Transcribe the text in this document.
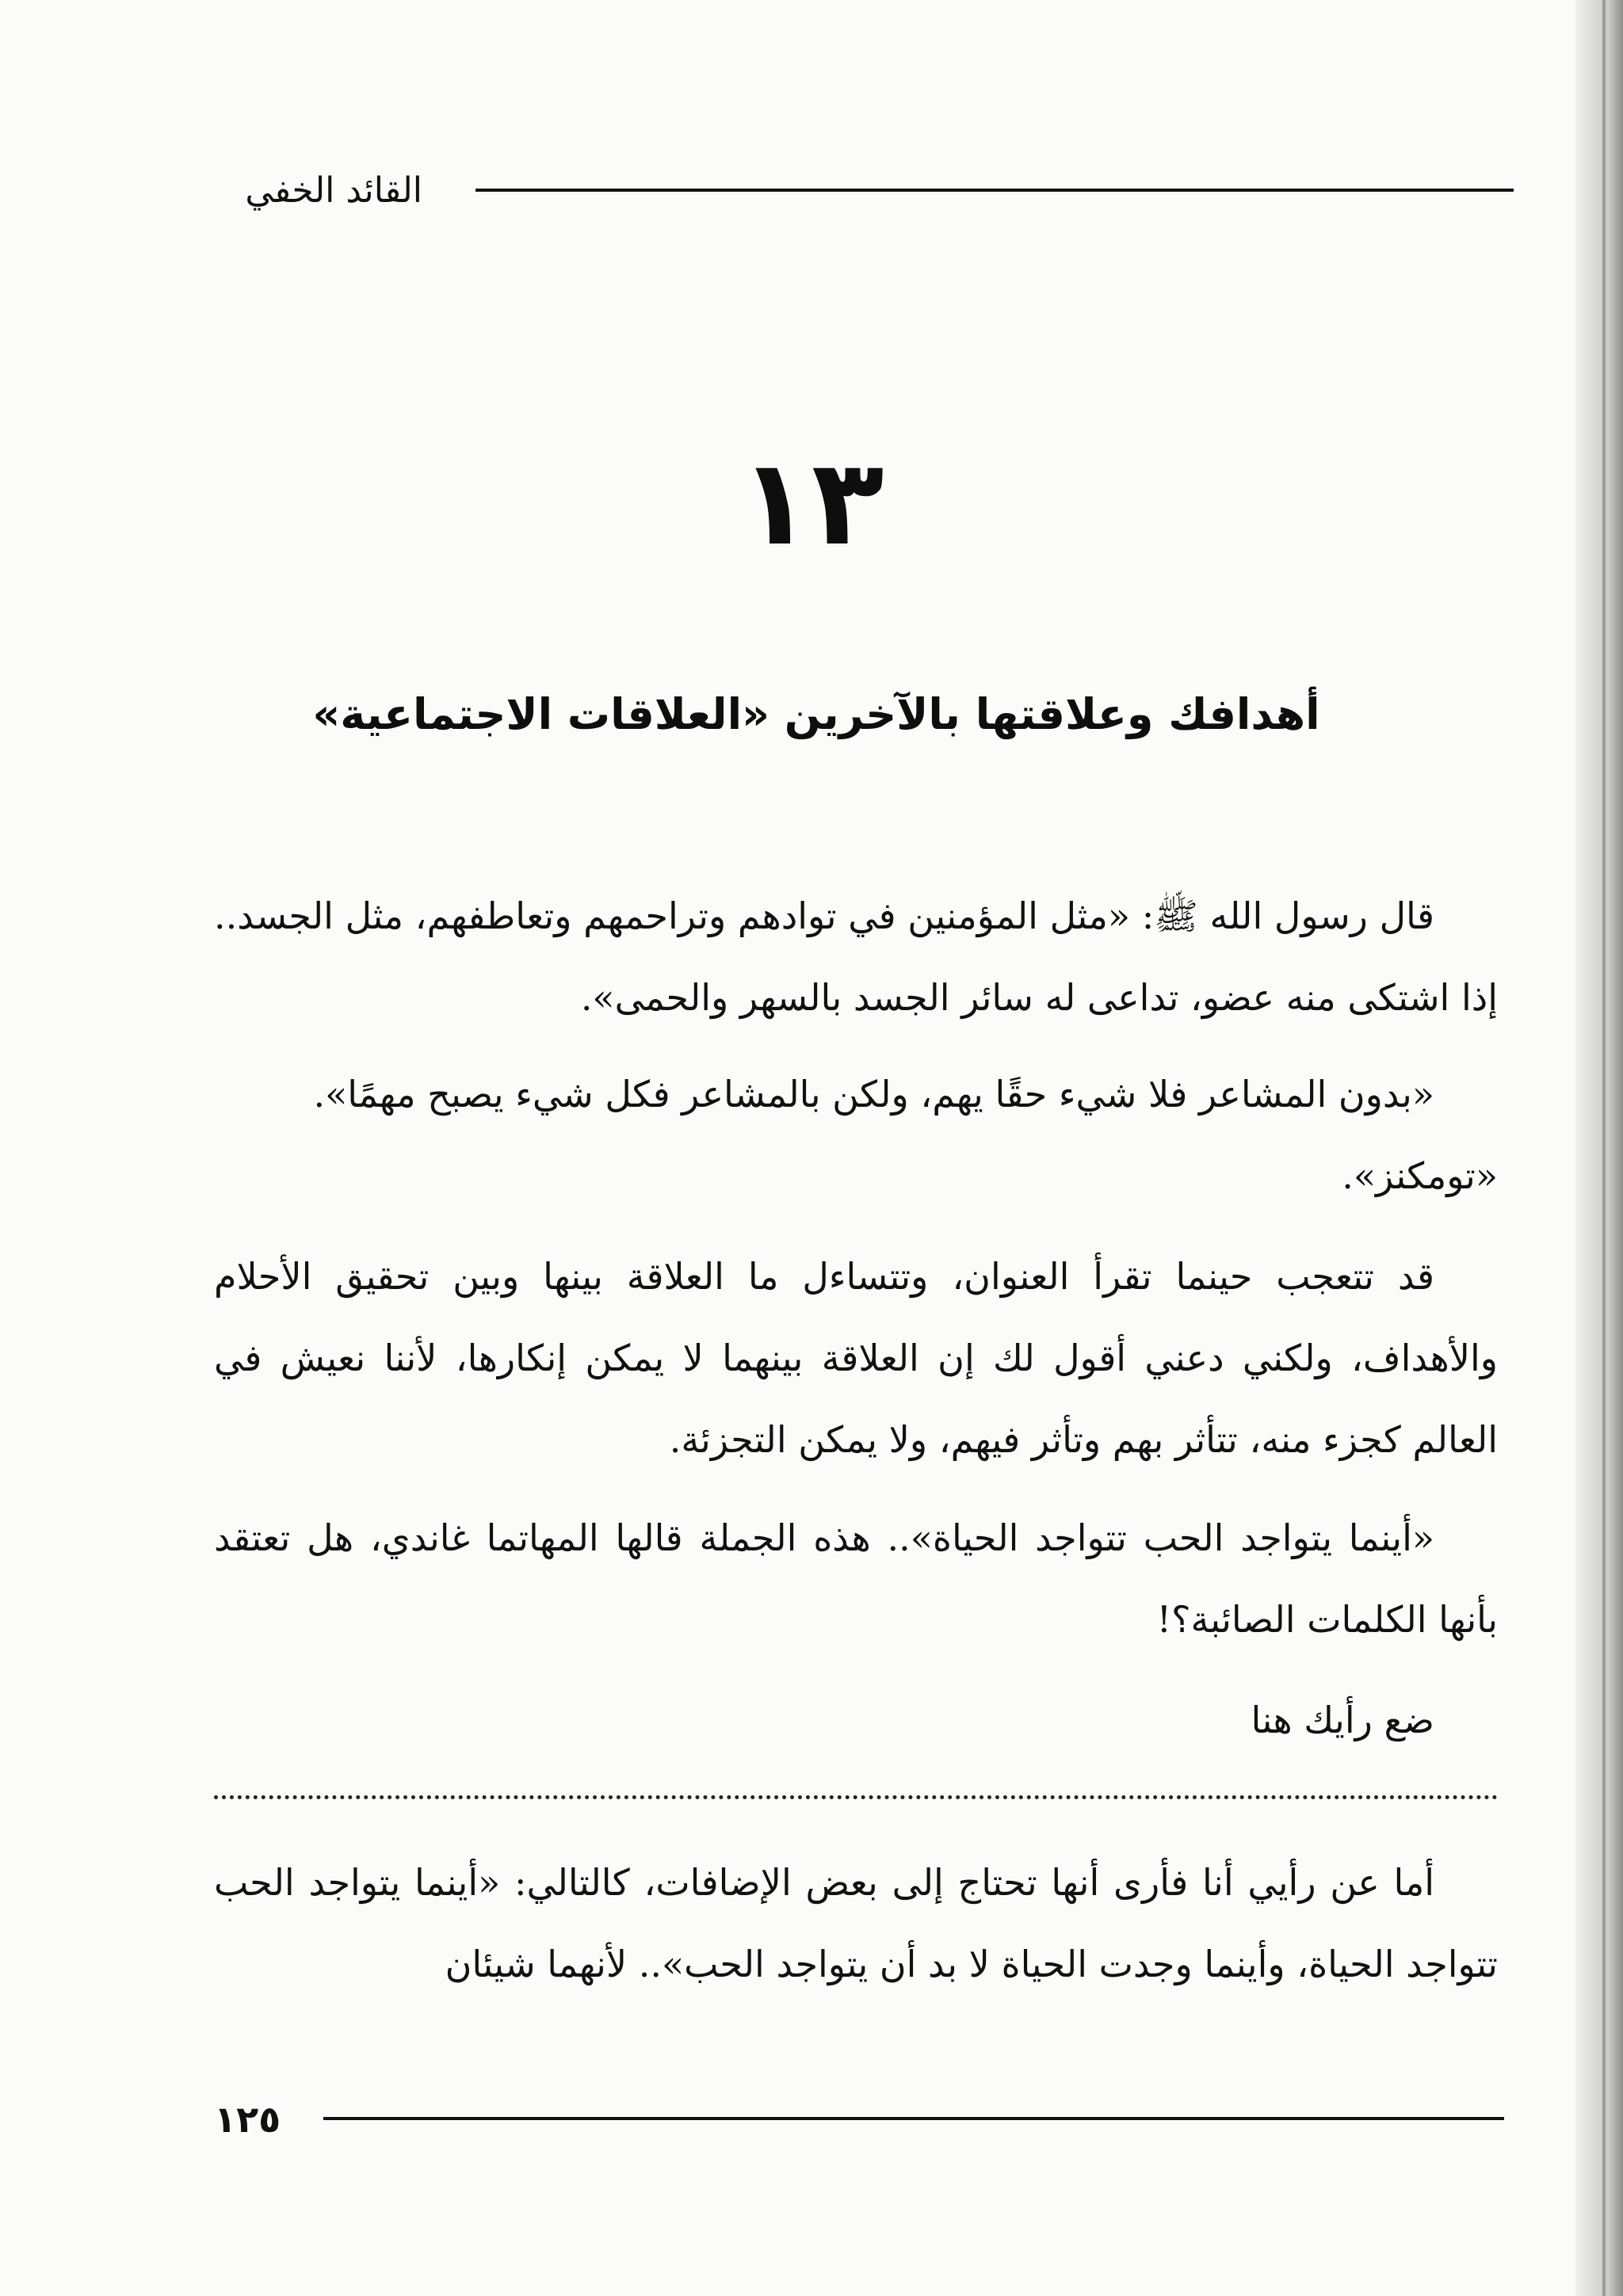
القائد الخفي
١٣
أهدافك وعلاقتها بالآخرين «العلاقات الاجتماعية»

قال رسول الله ﷺ: «مثل المؤمنين في توادهم وتراحمهم وتعاطفهم، مثل الجسد.. إذا اشتكى منه عضو، تداعى له سائر الجسد بالسهر والحمى».

«بدون المشاعر فلا شيء حقًا يهم، ولكن بالمشاعر فكل شيء يصبح مهمًا».

«تومكنز».

قد تتعجب حينما تقرأ العنوان، وتتساءل ما العلاقة بينها وبين تحقيق الأحلام والأهداف، ولكني دعني أقول لك إن العلاقة بينهما لا يمكن إنكارها، لأننا نعيش في العالم كجزء منه، تتأثر بهم وتأثر فيهم، ولا يمكن التجزئة.

«أينما يتواجد الحب تتواجد الحياة».. هذه الجملة قالها المهاتما غاندي، هل تعتقد بأنها الكلمات الصائبة؟!

ضع رأيك هنا

أما عن رأيي أنا فأرى أنها تحتاج إلى بعض الإضافات، كالتالي: «أينما يتواجد الحب تتواجد الحياة، وأينما وجدت الحياة لا بد أن يتواجد الحب».. لأنهما شيئان

١٢٥
